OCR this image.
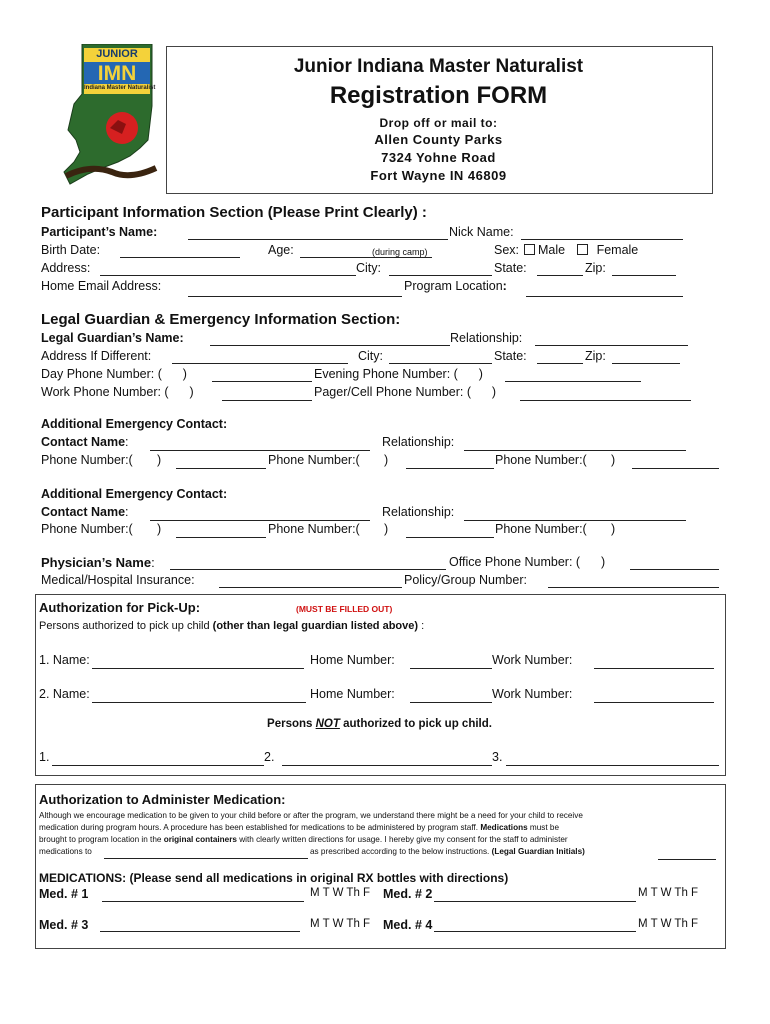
JUNIOR
IMN
Indiana Master Naturalist
Junior Indiana Master Naturalist
Registration FORM
Drop off or mail to:
Allen County Parks
7324 Yohne Road
Fort Wayne IN 46809
Participant Information Section (Please Print Clearly) :
Participant’s Name:	Nick Name:
Birth Date:	Age:	(during camp)	Sex:	Male	Female
Address:	City:	State:	Zip:
Home Email Address:	Program Location:
Legal Guardian & Emergency Information Section:
Legal Guardian’s Name:	Relationship:
Address If Different:	City:	State:	Zip:
Day Phone Number: ( )	Evening Phone Number: ( )
Work Phone Number: ( )	Pager/Cell Phone Number: ( )
Additional Emergency Contact:
Contact Name:	Relationship:
Phone Number:( )	Phone Number:( )	Phone Number:( )
Additional Emergency Contact:
Contact Name:	Relationship:
Phone Number:( )	Phone Number:( )	Phone Number:( )
Physician’s Name:	Office Phone Number: ( )
Medical/Hospital Insurance:	Policy/Group Number:
Authorization for Pick-Up:	(MUST BE FILLED OUT)
Persons authorized to pick up child (other than legal guardian listed above) :
1. Name:	Home Number:	Work Number:
2. Name:	Home Number:	Work Number:
Persons NOT authorized to pick up child.
1.	2.	3.
Authorization to Administer Medication:
Although we encourage medication to be given to your child before or after the program, we understand there might be a need for your child to receive
medication during program hours. A procedure has been established for medications to be administered by program staff. Medications must be
brought to program location in the original containers with clearly written directions for usage. I hereby give my consent for the staff to administer
medications to	as prescribed according to the below instructions. (Legal Guardian Initials)
MEDICATIONS: (Please send all medications in original RX bottles with directions)
Med. # 1	M T W Th F Med. # 2	M T W Th F
Med. # 3	M T W Th F Med. # 4	M T W Th F
